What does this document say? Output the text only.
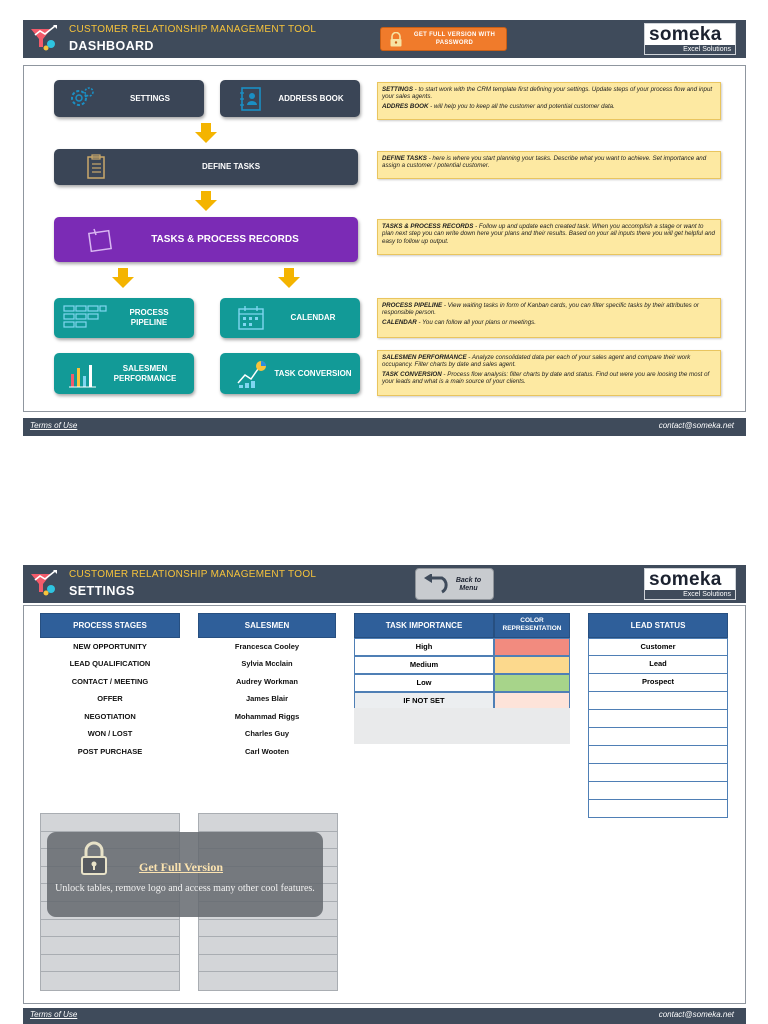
CUSTOMER RELATIONSHIP MANAGEMENT TOOL
DASHBOARD
GET FULL VERSION WITH PASSWORD	someka
Excel Solutions
SETTINGS	ADDRESS BOOK
DEFINE TASKS
TASKS & PROCESS RECORDS
PROCESS PIPELINE
CALENDAR
SALESMEN PERFORMANCE
TASK CONVERSION

SETTINGS - to start work with the CRM template first defining your settings. Update steps of your process flow and input your sales agents.

ADDRES BOOK - will help you to keep all the customer and potential customer data.

DEFINE TASKS - here is where you start planning your tasks. Describe what you want to achieve. Set importance and assign a customer / potential customer.

TASKS & PROCESS RECORDS - Follow up and update each created task. When you accomplish a stage or want to plan next step you can write down here your plans and their results. Based on your all inputs there you will get helpful and easy to follow up output.

PROCESS PIPELINE - View waiting tasks in form of Kanban cards, you can filter specific tasks by their attributes or responsible person.

CALENDAR - You can follow all your plans or meetings.

SALESMEN PERFORMANCE - Analyze consolidated data per each of your sales agent and compare their work occupancy. Filter charts by date and sales agent.

TASK CONVERSION - Process flow analysis: filter charts by date and status. Find out were you are loosing the most of your leads and what is a main source of your clients.

Terms of Use	contact@someka.net
CUSTOMER RELATIONSHIP MANAGEMENT TOOL
SETTINGS
Back to Menu	someka
Excel Solutions
PROCESS STAGES
NEW OPPORTUNITY
LEAD QUALIFICATION
CONTACT / MEETING
OFFER
NEGOTIATION
WON / LOST
POST PURCHASE
SALESMEN
Francesca Cooley
Sylvia Mcclain
Audrey Workman
James Blair
Mohammad Riggs
Charles Guy
Carl Wooten
TASK IMPORTANCE
COLOR REPRESENTATION
High
Medium
Low
IF NOT SET
LEAD STATUS
Customer
Lead
Prospect
Get Full Version
Unlock tables, remove logo and access many other cool features.
Terms of Use	contact@someka.net
